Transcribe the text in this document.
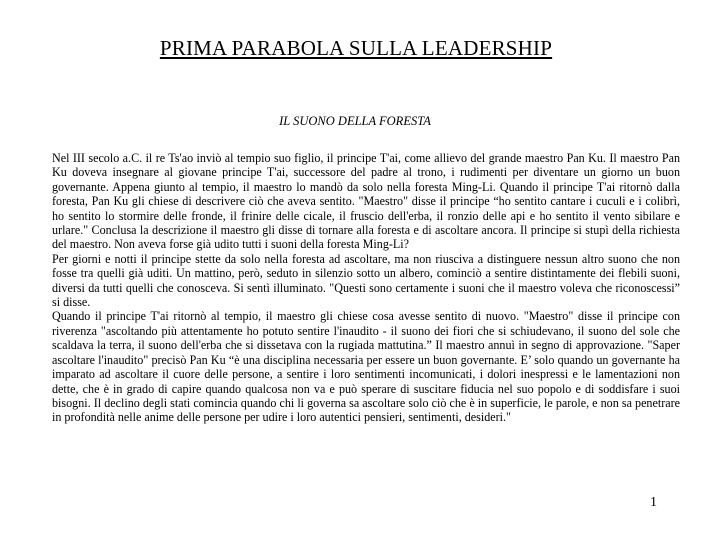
PRIMA PARABOLA SULLA LEADERSHIP
IL SUONO DELLA FORESTA

Nel III secolo a.C. il re Ts'ao inviò al tempio suo figlio, il principe T'ai, come allievo del grande maestro Pan Ku. Il maestro Pan Ku doveva insegnare al giovane principe T'ai, successore del padre al trono, i rudimenti per diventare un giorno un buon governante. Appena giunto al tempio, il maestro lo mandò da solo nella foresta Ming-Li. Quando il principe T'ai ritornò dalla foresta, Pan Ku gli chiese di descrivere ciò che aveva sentito. "Maestro" disse il principe “ho sentito cantare i cuculi e i colibrì, ho sentito lo stormire delle fronde, il frinire delle cicale, il fruscio dell'erba, il ronzio delle api e ho sentito il vento sibilare e urlare." Conclusa la descrizione il maestro gli disse di tornare alla foresta e di ascoltare ancora. Il principe si stupì della richiesta del maestro. Non aveva forse già udito tutti i suoni della foresta Ming-Li?

Per giorni e notti il principe stette da solo nella foresta ad ascoltare, ma non riusciva a distinguere nessun altro suono che non fosse tra quelli già uditi. Un mattino, però, seduto in silenzio sotto un albero, cominciò a sentire distintamente dei flebili suoni, diversi da tutti quelli che conosceva. Si sentì illuminato. "Questi sono certamente i suoni che il maestro voleva che riconoscessi” si disse.

Quando il principe T'ai ritornò al tempio, il maestro gli chiese cosa avesse sentito di nuovo. "Maestro" disse il principe con riverenza "ascoltando più attentamente ho potuto sentire l'inaudito - il suono dei fiori che si schiudevano, il suono del sole che scaldava la terra, il suono dell'erba che si dissetava con la rugiada mattutina.” Il maestro annuì in segno di approvazione. "Saper ascoltare l'inaudito" precisò Pan Ku “è una disciplina necessaria per essere un buon governante. E’ solo quando un governante ha imparato ad ascoltare il cuore delle persone, a sentire i loro sentimenti incomunicati, i dolori inespressi e le lamentazioni non dette, che è in grado di capire quando qualcosa non va e può sperare di suscitare fiducia nel suo popolo e di soddisfare i suoi bisogni. Il declino degli stati comincia quando chi li governa sa ascoltare solo ciò che è in superficie, le parole, e non sa penetrare in profondità nelle anime delle persone per udire i loro autentici pensieri, sentimenti, desideri."

1
